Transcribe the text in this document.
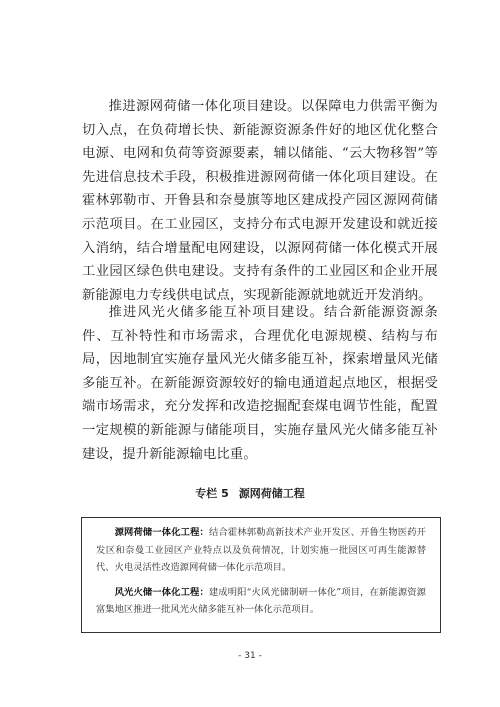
推进源网荷储一体化项目建设。以保障电力供需平衡为切入点，在负荷增长快、新能源资源条件好的地区优化整合电源、电网和负荷等资源要素，辅以储能、“云大物移智”等先进信息技术手段，积极推进源网荷储一体化项目建设。在霍林郭勒市、开鲁县和奈曼旗等地区建成投产园区源网荷储示范项目。在工业园区，支持分布式电源开发建设和就近接入消纳，结合增量配电网建设，以源网荷储一体化模式开展工业园区绿色供电建设。支持有条件的工业园区和企业开展新能源电力专线供电试点，实现新能源就地就近开发消纳。

推进风光火储多能互补项目建设。结合新能源资源条件、互补特性和市场需求，合理优化电源规模、结构与布局，因地制宜实施存量风光火储多能互补，探索增量风光储多能互补。在新能源资源较好的输电通道起点地区，根据受端市场需求，充分发挥和改造挖掘配套煤电调节性能，配置一定规模的新能源与储能项目，实施存量风光火储多能互补建设，提升新能源输电比重。

专栏 5 源网荷储工程

源网荷储一体化工程：结合霍林郭勒高新技术产业开发区、开鲁生物医药开发区和奈曼工业园区产业特点以及负荷情况，计划实施一批园区可再生能源替代、火电灵活性改造源网荷储一体化示范项目。

风光火储一体化工程：建成明阳“火风光储制研一体化”项目，在新能源资源富集地区推进一批风光火储多能互补一体化示范项目。

- 31 -
